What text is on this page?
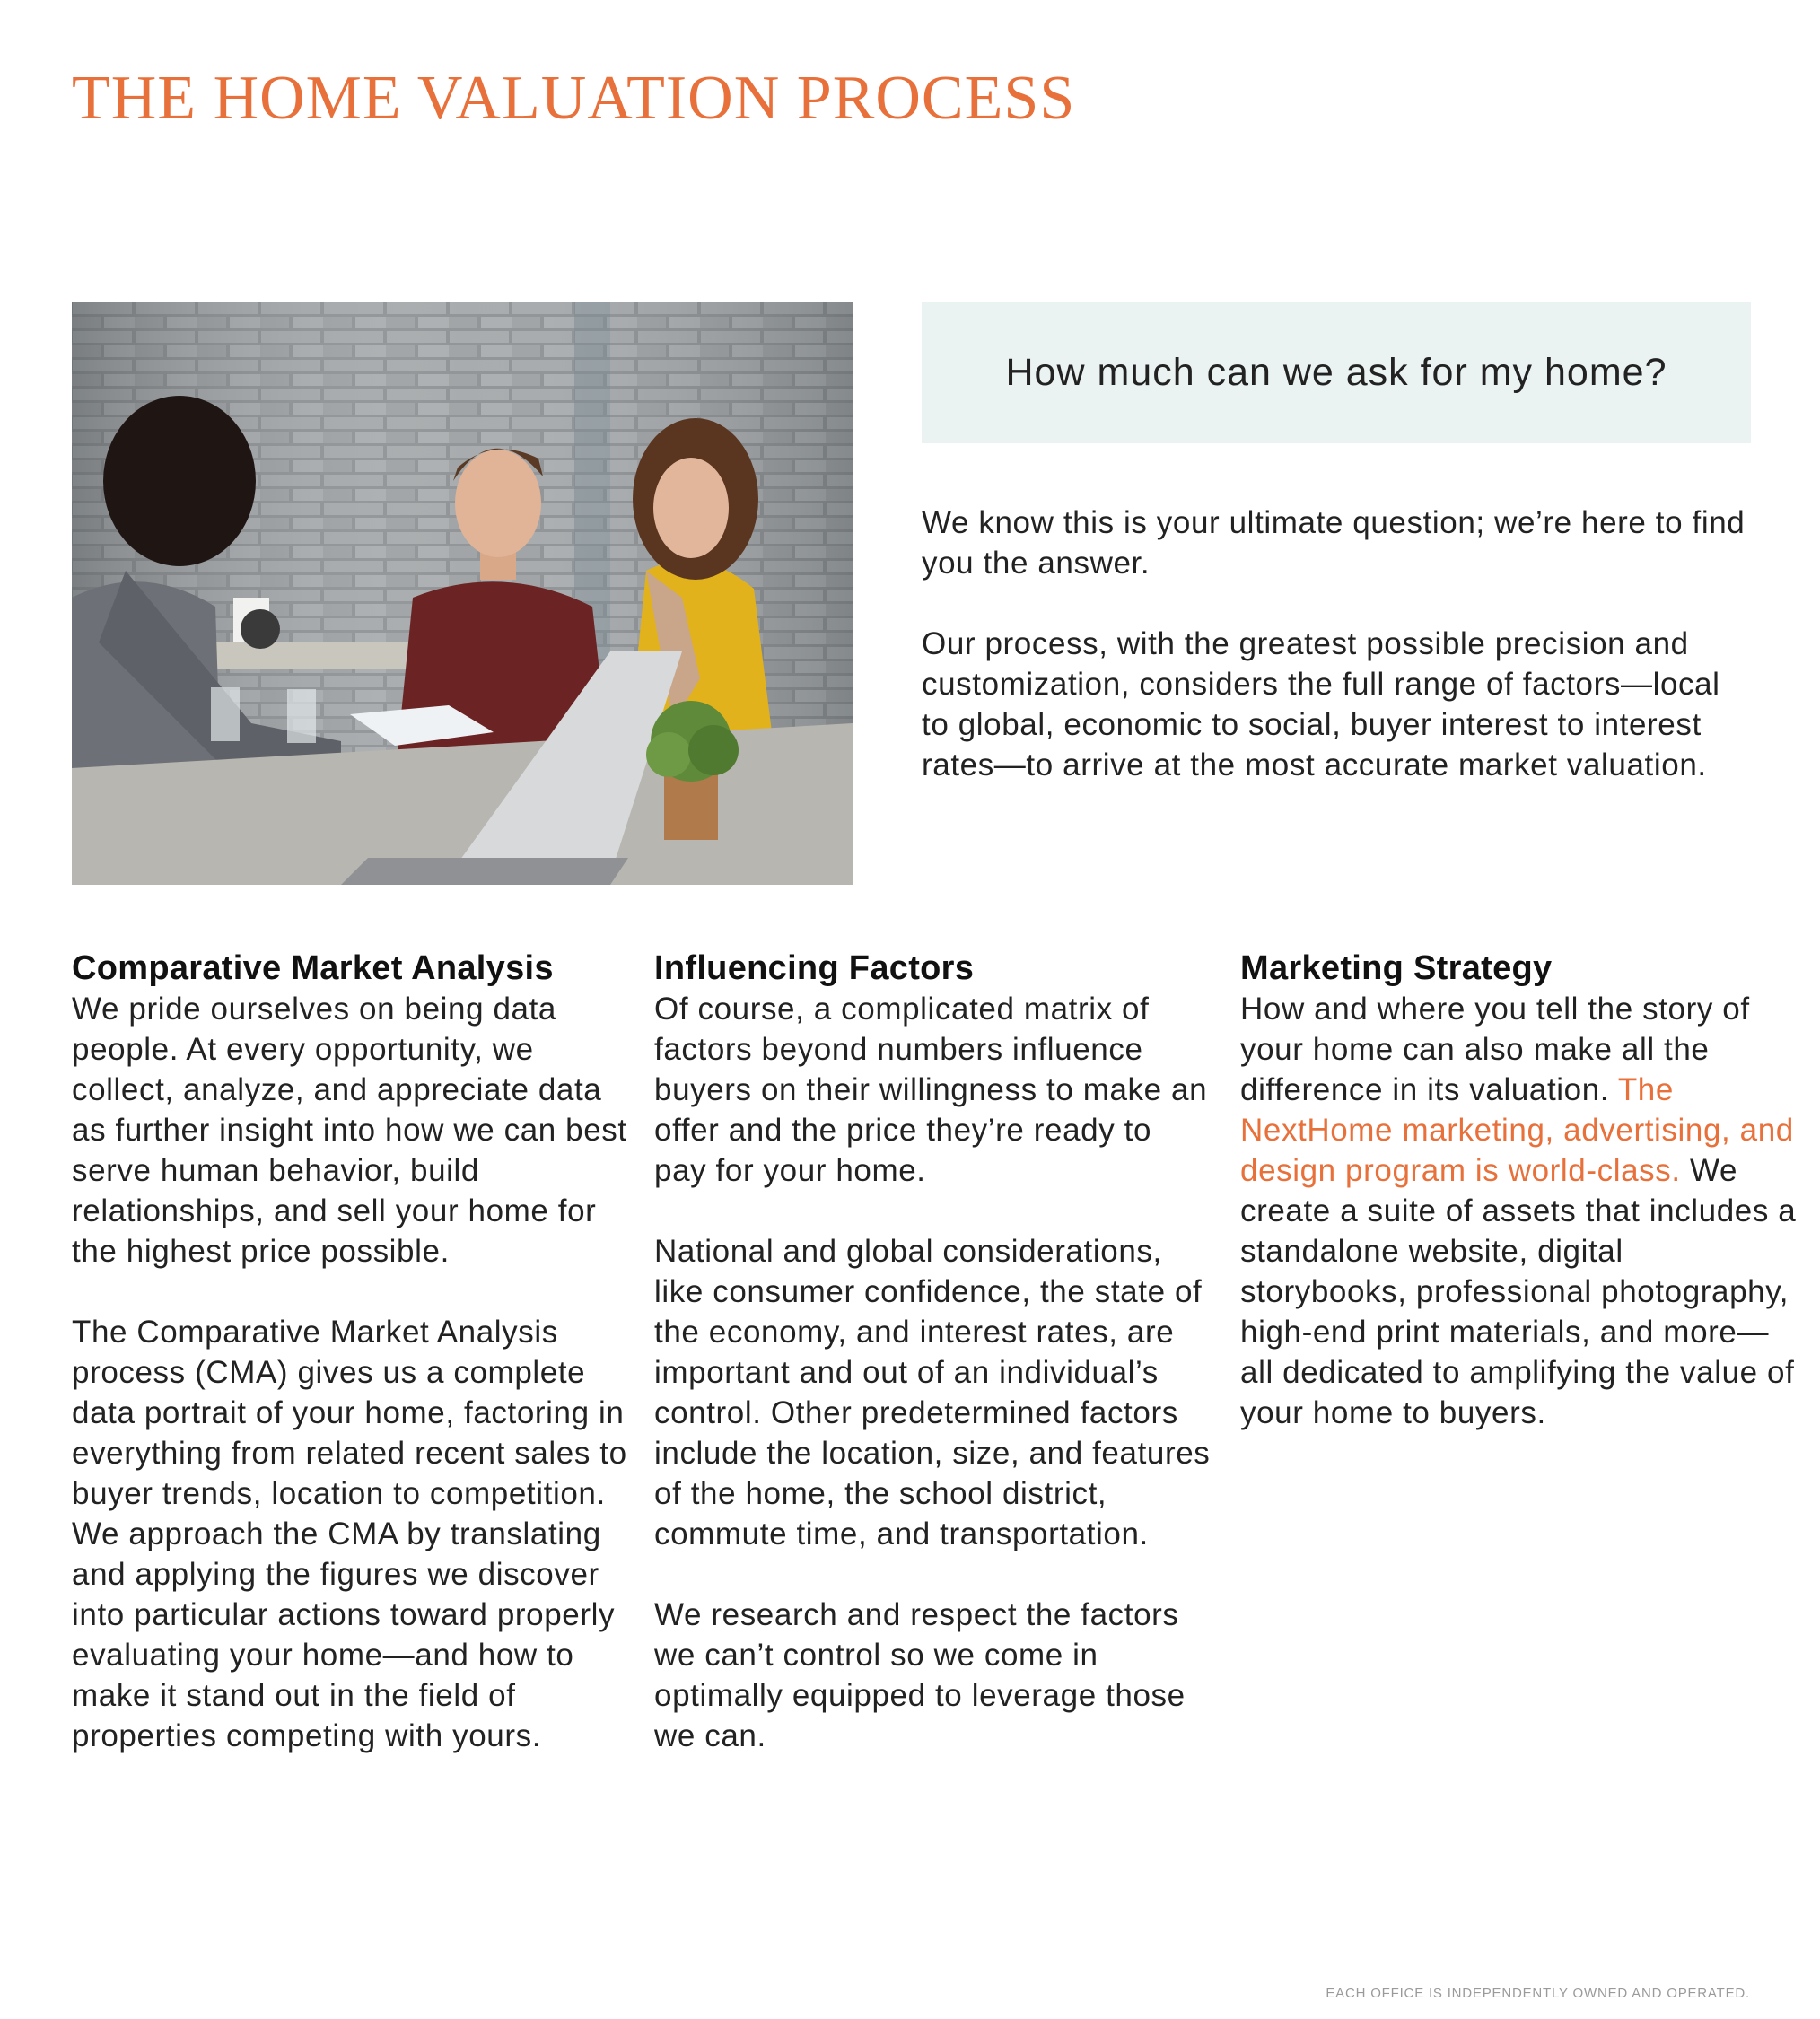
THE HOME VALUATION PROCESS
How much can we ask for my home?

We know this is your ultimate question; we’re here to find you the answer.

Our process, with the greatest possible precision and customization, considers the full range of factors—local to global, economic to social, buyer interest to interest rates—to arrive at the most accurate market valuation.

Comparative Market Analysis

We pride ourselves on being data people. At every opportunity, we collect, analyze, and appreciate data as further insight into how we can best serve human behavior, build relationships, and sell your home for the highest price possible.

The Comparative Market Analysis process (CMA) gives us a complete data portrait of your home, factoring in everything from related recent sales to buyer trends, location to competition. We approach the CMA by translating and applying the figures we discover into particular actions toward properly evaluating your home—and how to make it stand out in the field of properties competing with yours.

Influencing Factors

Of course, a complicated matrix of factors beyond numbers influence buyers on their willingness to make an offer and the price they’re ready to pay for your home.

National and global considerations, like consumer confidence, the state of the economy, and interest rates, are important and out of an individual’s control. Other predetermined factors include the location, size, and features of the home, the school district, commute time, and transportation.

We research and respect the factors we can’t control so we come in optimally equipped to leverage those we can.

Marketing Strategy

How and where you tell the story of your home can also make all the difference in its valuation. The NextHome marketing, advertising, and design program is world-class. We create a suite of assets that includes a standalone website, digital storybooks, professional photography, high-end print materials, and more—all dedicated to amplifying the value of your home to buyers.

EACH OFFICE IS INDEPENDENTLY OWNED AND OPERATED.
